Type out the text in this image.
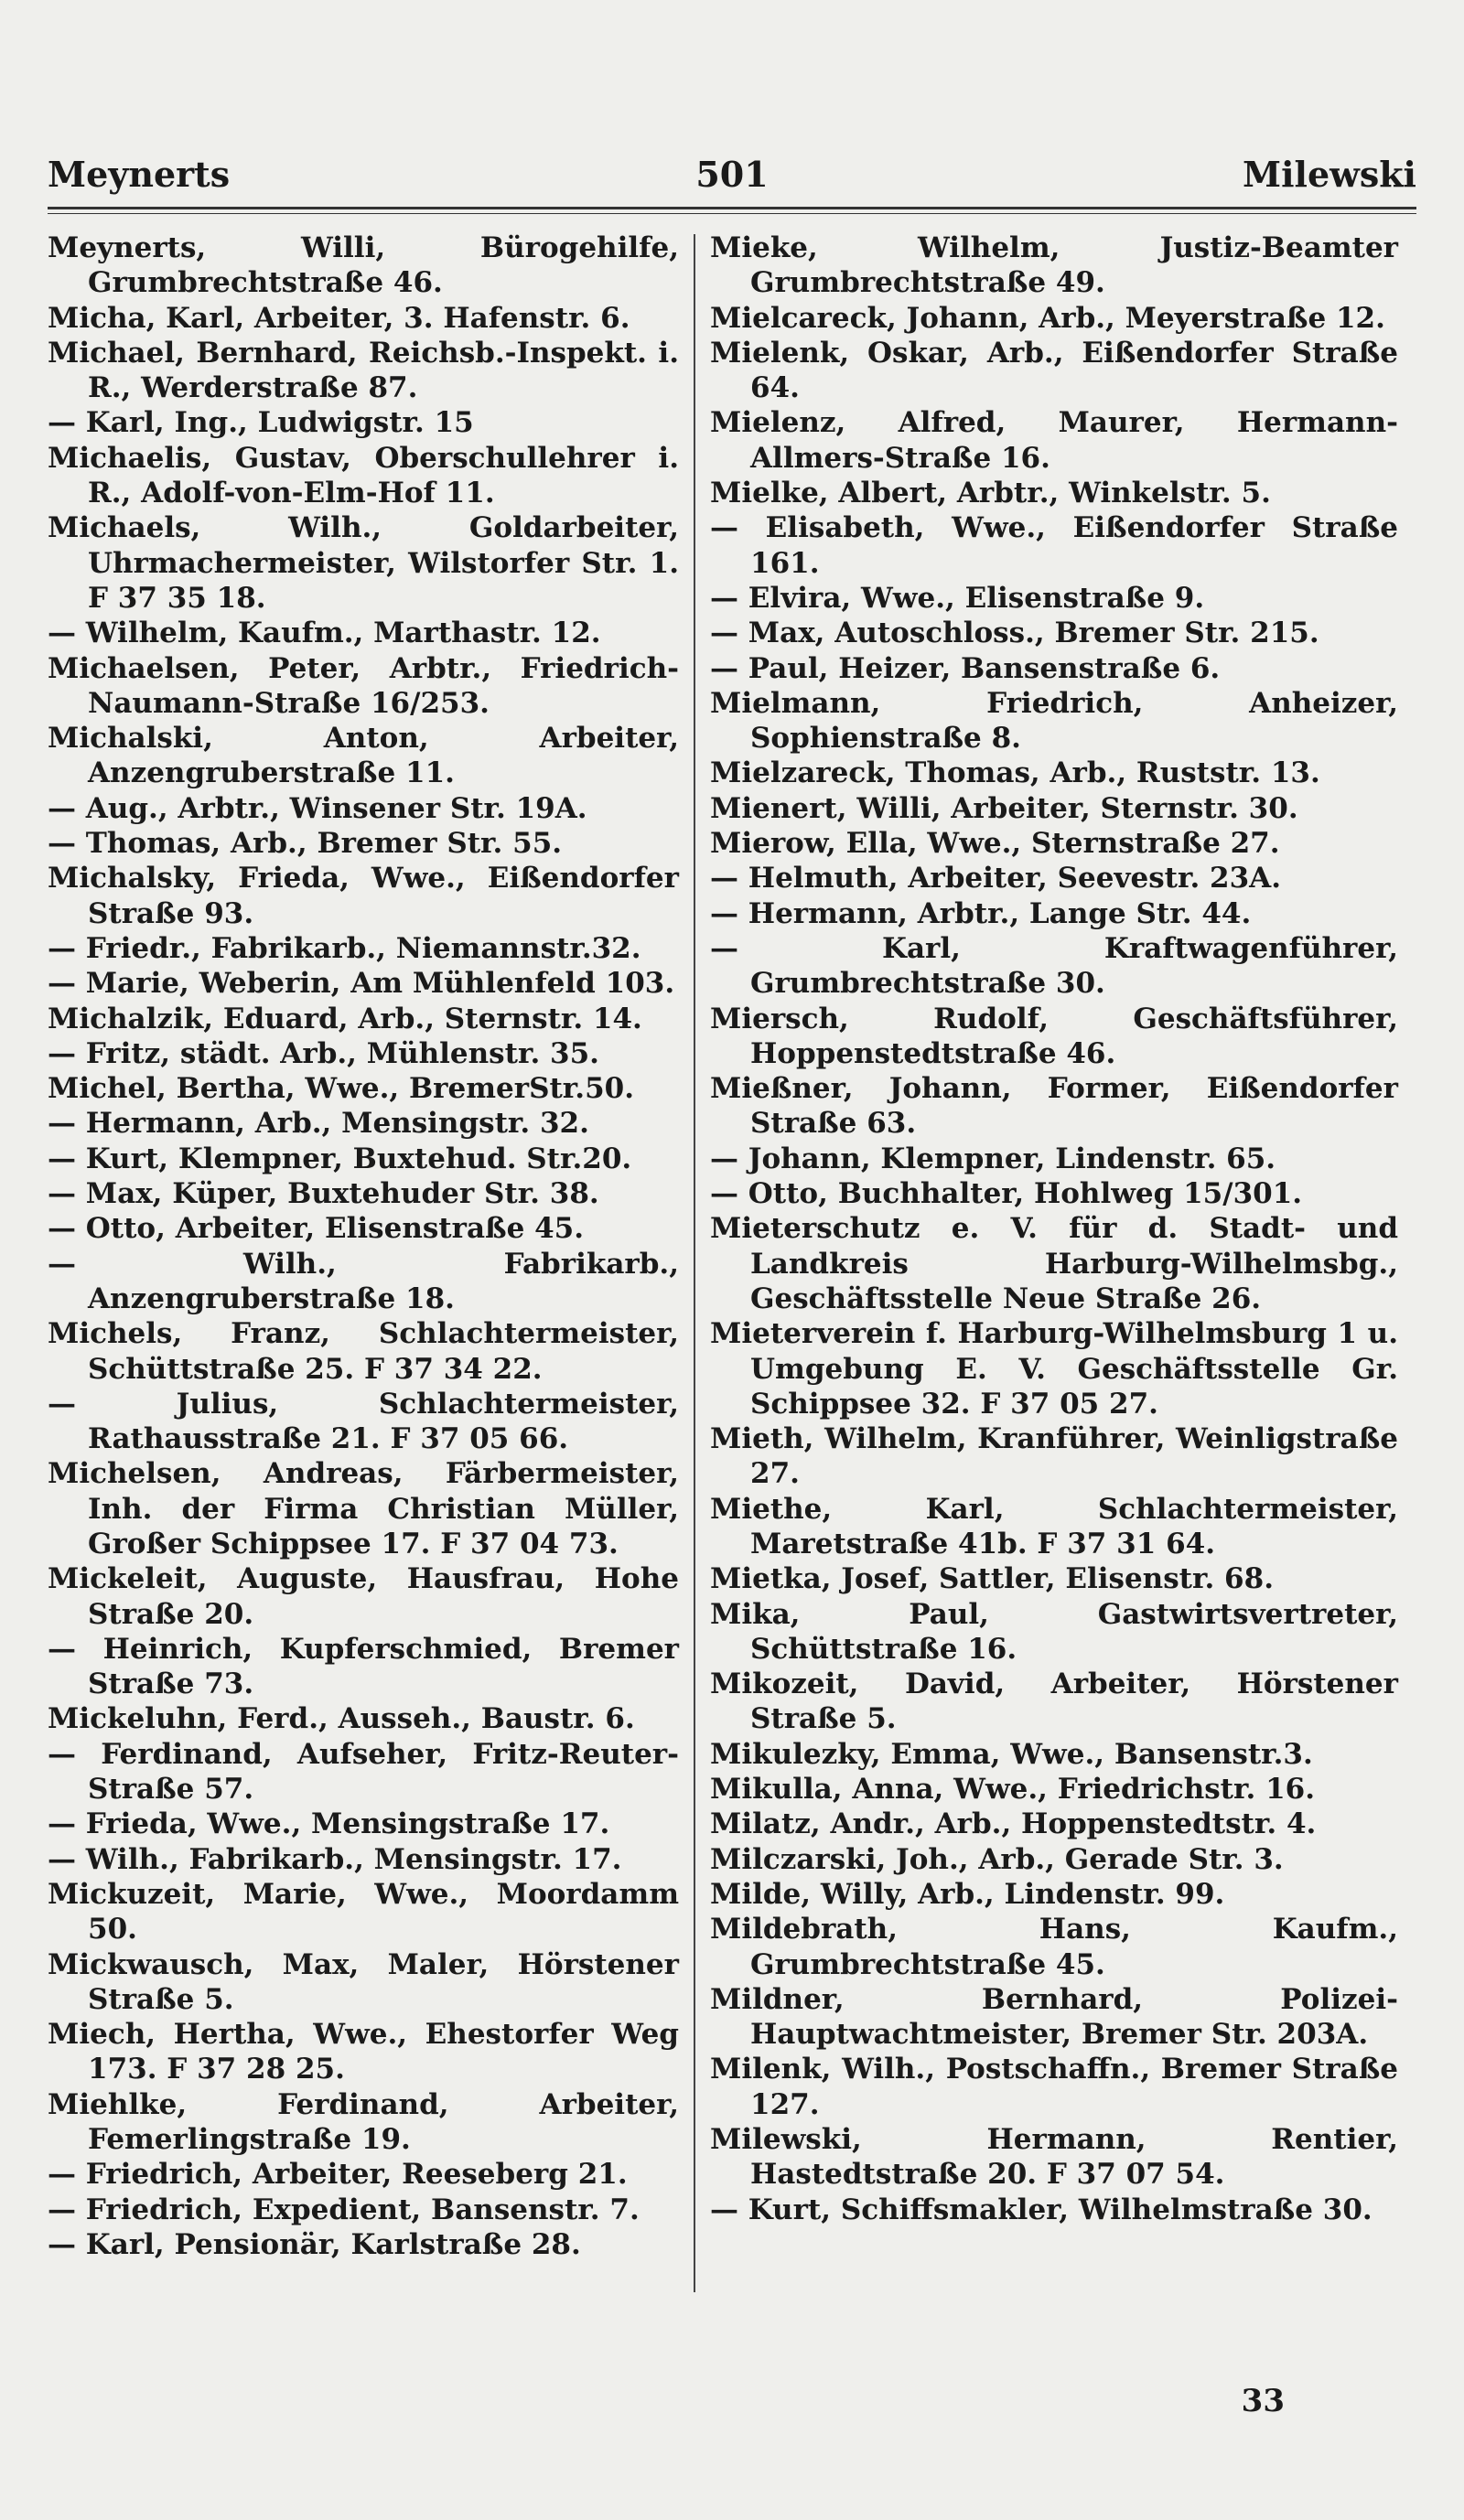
Meynerts	501	Milewski
Meynerts, Willi, Bürogehilfe, Grumbrechtstraße 46.
Micha, Karl, Arbeiter, 3. Hafenstr. 6.
Michael, Bernhard, Reichsb.-Inspekt. i. R., Werderstraße 87.
— Karl, Ing., Ludwigstr. 15
Michaelis, Gustav, Oberschullehrer i. R., Adolf-von-Elm-Hof 11.
Michaels, Wilh., Goldarbeiter, Uhrmachermeister, Wilstorfer Str. 1. F 37 35 18.
— Wilhelm, Kaufm., Marthastr. 12.
Michaelsen, Peter, Arbtr., Friedrich-Naumann-Straße 16/253.
Michalski, Anton, Arbeiter, Anzengruberstraße 11.
— Aug., Arbtr., Winsener Str. 19A.
— Thomas, Arb., Bremer Str. 55.
Michalsky, Frieda, Wwe., Eißendorfer Straße 93.
— Friedr., Fabrikarb., Niemannstr.32.
— Marie, Weberin, Am Mühlenfeld 103.
Michalzik, Eduard, Arb., Sternstr. 14.
— Fritz, städt. Arb., Mühlenstr. 35.
Michel, Bertha, Wwe., BremerStr.50.
— Hermann, Arb., Mensingstr. 32.
— Kurt, Klempner, Buxtehud. Str.20.
— Max, Küper, Buxtehuder Str. 38.
— Otto, Arbeiter, Elisenstraße 45.
— Wilh., Fabrikarb., Anzengruberstraße 18.
Michels, Franz, Schlachtermeister, Schüttstraße 25. F 37 34 22.
— Julius, Schlachtermeister, Rathausstraße 21. F 37 05 66.
Michelsen, Andreas, Färbermeister, Inh. der Firma Christian Müller, Großer Schippsee 17. F 37 04 73.
Mickeleit, Auguste, Hausfrau, Hohe Straße 20.
— Heinrich, Kupferschmied, Bremer Straße 73.
Mickeluhn, Ferd., Ausseh., Baustr. 6.
— Ferdinand, Aufseher, Fritz-Reuter-Straße 57.
— Frieda, Wwe., Mensingstraße 17.
— Wilh., Fabrikarb., Mensingstr. 17.
Mickuzeit, Marie, Wwe., Moordamm 50.
Mickwausch, Max, Maler, Hörstener Straße 5.
Miech, Hertha, Wwe., Ehestorfer Weg 173. F 37 28 25.
Miehlke, Ferdinand, Arbeiter, Femerlingstraße 19.
— Friedrich, Arbeiter, Reeseberg 21.
— Friedrich, Expedient, Bansenstr. 7.
— Karl, Pensionär, Karlstraße 28.
Mieke, Wilhelm, Justiz-Beamter Grumbrechtstraße 49.
Mielcareck, Johann, Arb., Meyerstraße 12.
Mielenk, Oskar, Arb., Eißendorfer Straße 64.
Mielenz, Alfred, Maurer, Hermann-Allmers-Straße 16.
Mielke, Albert, Arbtr., Winkelstr. 5.
— Elisabeth, Wwe., Eißendorfer Straße 161.
— Elvira, Wwe., Elisenstraße 9.
— Max, Autoschloss., Bremer Str. 215.
— Paul, Heizer, Bansenstraße 6.
Mielmann, Friedrich, Anheizer, Sophienstraße 8.
Mielzareck, Thomas, Arb., Ruststr. 13.
Mienert, Willi, Arbeiter, Sternstr. 30.
Mierow, Ella, Wwe., Sternstraße 27.
— Helmuth, Arbeiter, Seevestr. 23A.
— Hermann, Arbtr., Lange Str. 44.
— Karl, Kraftwagenführer, Grumbrechtstraße 30.
Miersch, Rudolf, Geschäftsführer, Hoppenstedtstraße 46.
Mießner, Johann, Former, Eißendorfer Straße 63.
— Johann, Klempner, Lindenstr. 65.
— Otto, Buchhalter, Hohlweg 15/301.
Mieterschutz e. V. für d. Stadt- und Landkreis Harburg-Wilhelmsbg., Geschäftsstelle Neue Straße 26.
Mieterverein f. Harburg-Wilhelmsburg 1 u. Umgebung E. V. Geschäftsstelle Gr. Schippsee 32. F 37 05 27.
Mieth, Wilhelm, Kranführer, Weinligstraße 27.
Miethe, Karl, Schlachtermeister, Maretstraße 41b. F 37 31 64.
Mietka, Josef, Sattler, Elisenstr. 68.
Mika, Paul, Gastwirtsvertreter, Schüttstraße 16.
Mikozeit, David, Arbeiter, Hörstener Straße 5.
Mikulezky, Emma, Wwe., Bansenstr.3.
Mikulla, Anna, Wwe., Friedrichstr. 16.
Milatz, Andr., Arb., Hoppenstedtstr. 4.
Milczarski, Joh., Arb., Gerade Str. 3.
Milde, Willy, Arb., Lindenstr. 99.
Mildebrath, Hans, Kaufm., Grumbrechtstraße 45.
Mildner, Bernhard, Polizei-Hauptwachtmeister, Bremer Str. 203A.
Milenk, Wilh., Postschaffn., Bremer Straße 127.
Milewski, Hermann, Rentier, Hastedtstraße 20. F 37 07 54.
— Kurt, Schiffsmakler, Wilhelmstraße 30.
33
